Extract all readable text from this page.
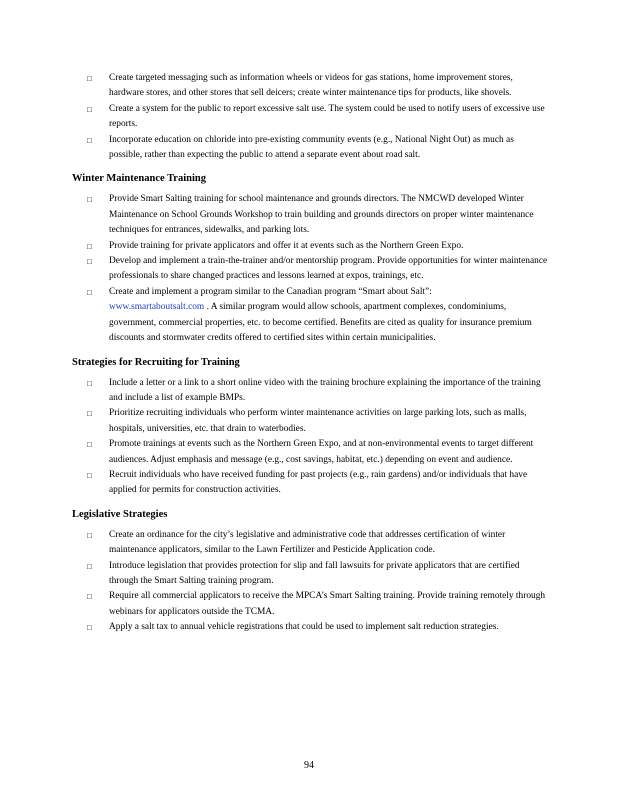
□ Create targeted messaging such as information wheels or videos for gas stations, home improvement stores, hardware stores, and other stores that sell deicers; create winter maintenance tips for products, like shovels.
□ Create a system for the public to report excessive salt use. The system could be used to notify users of excessive use reports.
□ Incorporate education on chloride into pre-existing community events (e.g., National Night Out) as much as possible, rather than expecting the public to attend a separate event about road salt.
Winter Maintenance Training
□ Provide Smart Salting training for school maintenance and grounds directors. The NMCWD developed Winter Maintenance on School Grounds Workshop to train building and grounds directors on proper winter maintenance techniques for entrances, sidewalks, and parking lots.
□ Provide training for private applicators and offer it at events such as the Northern Green Expo.
□ Develop and implement a train-the-trainer and/or mentorship program. Provide opportunities for winter maintenance professionals to share changed practices and lessons learned at expos, trainings, etc.
□ Create and implement a program similar to the Canadian program “Smart about Salt”:
www.smartaboutsalt.com . A similar program would allow schools, apartment complexes, condominiums, government, commercial properties, etc. to become certified. Benefits are cited as quality for insurance premium discounts and stormwater credits offered to certified sites within certain municipalities.
Strategies for Recruiting for Training
□ Include a letter or a link to a short online video with the training brochure explaining the importance of the training and include a list of example BMPs.
□ Prioritize recruiting individuals who perform winter maintenance activities on large parking lots, such as malls, hospitals, universities, etc. that drain to waterbodies.
□ Promote trainings at events such as the Northern Green Expo, and at non-environmental events to target different audiences. Adjust emphasis and message (e.g., cost savings, habitat, etc.) depending on event and audience.
□ Recruit individuals who have received funding for past projects (e.g., rain gardens) and/or individuals that have applied for permits for construction activities.
Legislative Strategies
□ Create an ordinance for the city’s legislative and administrative code that addresses certification of winter maintenance applicators, similar to the Lawn Fertilizer and Pesticide Application code.
□ Introduce legislation that provides protection for slip and fall lawsuits for private applicators that are certified through the Smart Salting training program.
□ Require all commercial applicators to receive the MPCA’s Smart Salting training. Provide training remotely through webinars for applicators outside the TCMA.
□ Apply a salt tax to annual vehicle registrations that could be used to implement salt reduction strategies.
94
